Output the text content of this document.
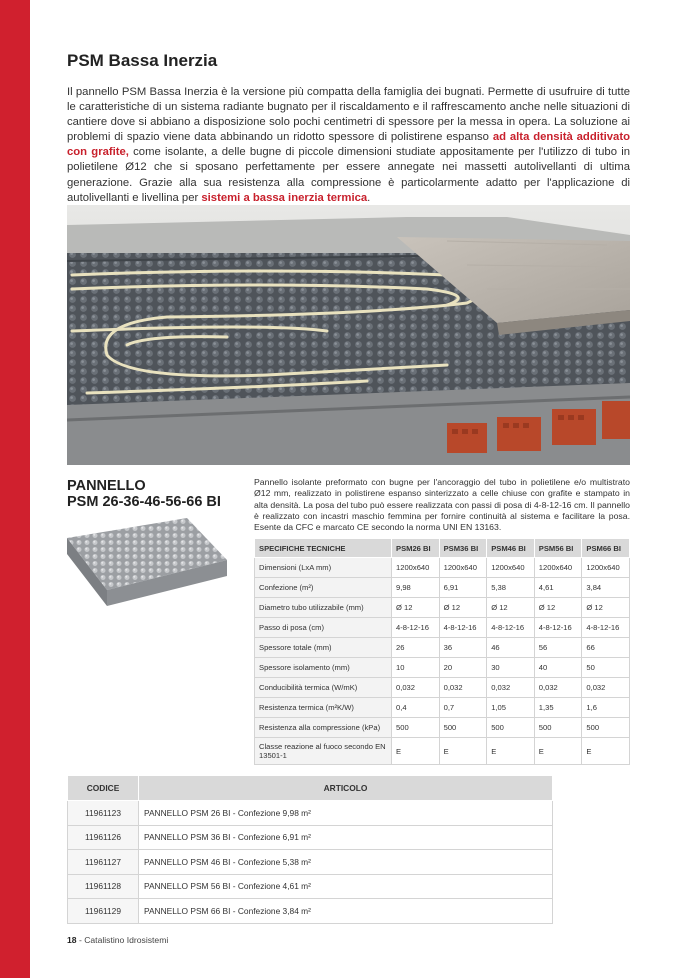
PSM Bassa Inerzia

Il pannello PSM Bassa Inerzia è la versione più compatta della famiglia dei bugnati. Permette di usufruire di tutte le caratteristiche di un sistema radiante bugnato per il riscaldamento e il raffrescamento anche nelle situazioni di cantiere dove si abbiano a disposizione solo pochi centimetri di spessore per la messa in opera. La soluzione ai problemi di spazio viene data abbinando un ridotto spessore di polistirene espanso ad alta densità additivato con grafite, come isolante, a delle bugne di piccole dimensioni studiate appositamente per l'utilizzo di tubo in polietilene Ø12 che si sposano perfettamente per essere annegate nei massetti autolivellanti di ultima generazione. Grazie alla sua resistenza alla compressione è particolarmente adatto per l'applicazione di autolivellanti e livellina per sistemi a bassa inerzia termica.

PANNELLO
PSM 26-36-46-56-66 BI

Pannello isolante preformato con bugne per l'ancoraggio del tubo in polietilene e/o multistrato Ø12 mm, realizzato in polistirene espanso sinterizzato a celle chiuse con grafite e stampato in alta densità. La posa del tubo può essere realizzata con passi di posa di 4-8-12-16 cm. Il pannello è realizzato con incastri maschio femmina per fornire continuità al sistema e facilitare la posa. Esente da CFC e marcato CE secondo la norma UNI EN 13163.

SPECIFICHE TECNICHE	PSM26 BI	PSM36 BI	PSM46 BI	PSM56 BI	PSM66 BI
Dimensioni (LxA mm)	1200x640	1200x640	1200x640	1200x640	1200x640
Confezione (m²)	9,98	6,91	5,38	4,61	3,84
Diametro tubo utilizzabile (mm)	Ø 12	Ø 12	Ø 12	Ø 12	Ø 12
Passo di posa (cm)	4-8-12-16	4-8-12-16	4-8-12-16	4-8-12-16	4-8-12-16
Spessore totale (mm)	26	36	46	56	66
Spessore isolamento (mm)	10	20	30	40	50
Conducibilità termica (W/mK)	0,032	0,032	0,032	0,032	0,032
Resistenza termica (m²K/W)	0,4	0,7	1,05	1,35	1,6
Resistenza alla compressione (kPa)	500	500	500	500	500
Classe reazione al fuoco secondo EN 13501-1	E	E	E	E	E
CODICE	ARTICOLO
11961123	PANNELLO PSM 26 BI - Confezione 9,98 m²
11961126	PANNELLO PSM 36 BI - Confezione 6,91 m²
11961127	PANNELLO PSM 46 BI - Confezione 5,38 m²
11961128	PANNELLO PSM 56 BI - Confezione 4,61 m²
11961129	PANNELLO PSM 66 BI - Confezione 3,84 m²
18 - Catalistino Idrosistemi
